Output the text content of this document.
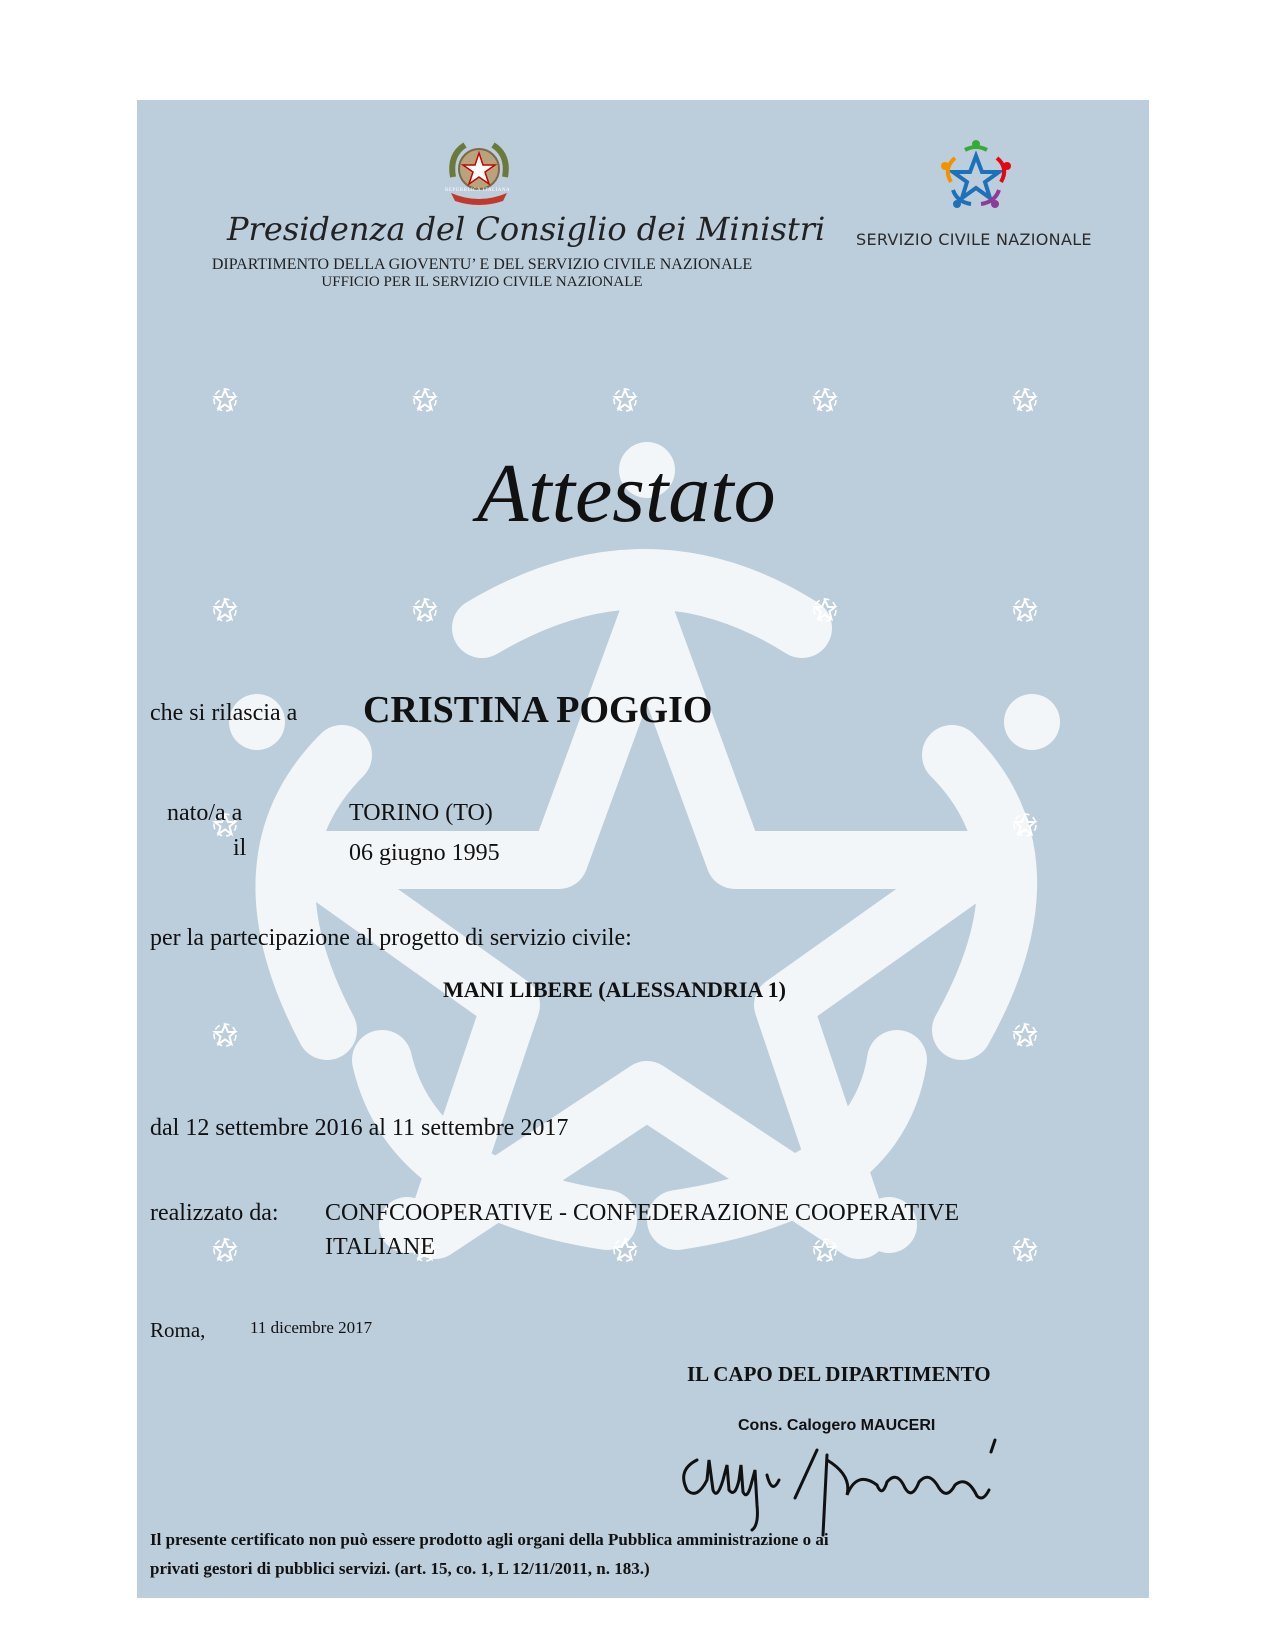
REPUBBLICA ITALIANA
Presidenza del Consiglio dei Ministri
DIPARTIMENTO DELLA GIOVENTU’ E DEL SERVIZIO CIVILE NAZIONALE
UFFICIO PER IL SERVIZIO CIVILE NAZIONALE
SERVIZIO CIVILE NAZIONALE
Attestato
che si rilascia a CRISTINA POGGIO
nato/a a	TORINO (TO)
il	06 giugno 1995
per la partecipazione al progetto di servizio civile:
MANI LIBERE (ALESSANDRIA 1)
dal 12 settembre 2016 al 11 settembre 2017
realizzato da: CONFCOOPERATIVE - CONFEDERAZIONE COOPERATIVE
ITALIANE
Roma,	11 dicembre 2017
IL CAPO DEL DIPARTIMENTO
Cons. Calogero MAUCERI
Il presente certificato non può essere prodotto agli organi della Pubblica amministrazione o ai
privati gestori di pubblici servizi. (art. 15, co. 1, L 12/11/2011, n. 183.)
